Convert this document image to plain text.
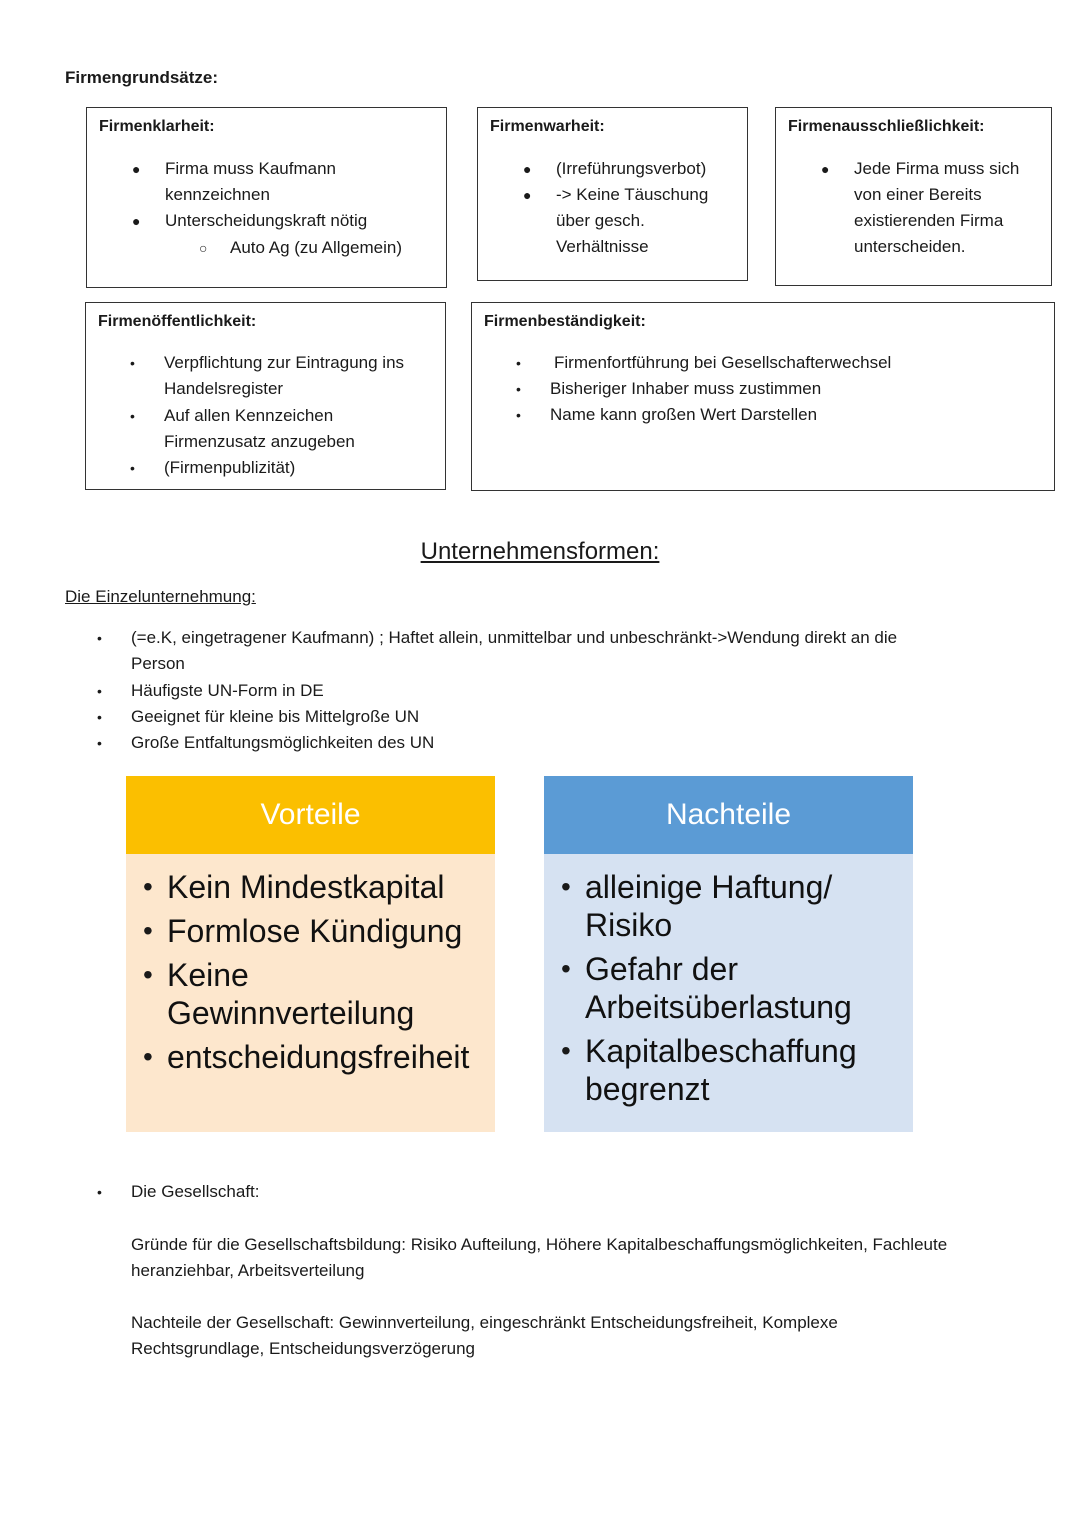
Firmengrundsätze:
Firmenklarheit:
● Firma muss Kaufmann
kennzeichnen
● Unterscheidungskraft nötig
○ Auto Ag (zu Allgemein)
Firmenwarheit:
● (Irreführungsverbot)
● -> Keine Täuschung
über gesch.
Verhältnisse
Firmenausschließlichkeit:
● Jede Firma muss sich
von einer Bereits
existierenden Firma
unterscheiden.
Firmenöffentlichkeit:
• Verpflichtung zur Eintragung ins
Handelsregister
• Auf allen Kennzeichen
Firmenzusatz anzugeben
• (Firmenpublizität)
Firmenbeständigkeit:
• Firmenfortführung bei Gesellschafterwechsel
• Bisheriger Inhaber muss zustimmen
• Name kann großen Wert Darstellen
Unternehmensformen:
Die Einzelunternehmung:
• (=e.K, eingetragener Kaufmann) ; Haftet allein, unmittelbar und unbeschränkt->Wendung direkt an die
Person
• Häufigste UN-Form in DE
• Geeignet für kleine bis Mittelgroße UN
• Große Entfaltungsmöglichkeiten des UN
Vorteile
• Kein Mindestkapital
• Formlose Kündigung
• Keine
Gewinnverteilung
• entscheidungsfreiheit
Nachteile
• alleinige Haftung/
Risiko
• Gefahr der
Arbeitsüberlastung
• Kapitalbeschaffung
begrenzt
• Die Gesellschaft:
Gründe für die Gesellschaftsbildung: Risiko Aufteilung, Höhere Kapitalbeschaffungsmöglichkeiten, Fachleute
heranziehbar, Arbeitsverteilung
Nachteile der Gesellschaft: Gewinnverteilung, eingeschränkt Entscheidungsfreiheit, Komplexe
Rechtsgrundlage, Entscheidungsverzögerung
